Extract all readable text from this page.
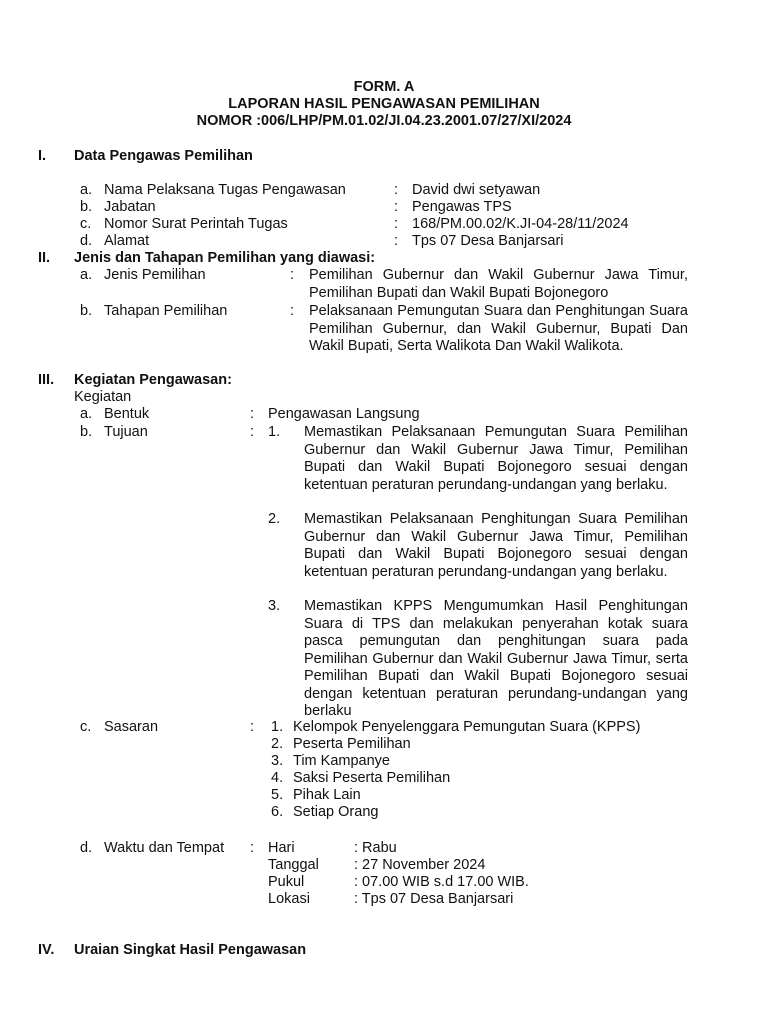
FORM. A
LAPORAN HASIL PENGAWASAN PEMILIHAN
NOMOR :006/LHP/PM.01.02/JI.04.23.2001.07/27/XI/2024
I. Data Pengawas Pemilihan
a. Nama Pelaksana Tugas Pengawasan	: David dwi setyawan
b. Jabatan	: Pengawas TPS
c. Nomor Surat Perintah Tugas	: 168/PM.00.02/K.JI-04-28/11/2024
d. Alamat	: Tps 07 Desa Banjarsari
II. Jenis dan Tahapan Pemilihan yang diawasi:
a. Jenis Pemilihan	: Pemilihan Gubernur dan Wakil Gubernur Jawa Timur, Pemilihan Bupati dan Wakil Bupati Bojonegoro
b. Tahapan Pemilihan	: Pelaksanaan Pemungutan Suara dan Penghitungan Suara Pemilihan Gubernur, dan Wakil Gubernur, Bupati Dan Wakil Bupati, Serta Walikota Dan Wakil Walikota.
III. Kegiatan Pengawasan:
Kegiatan
a. Bentuk	: Pengawasan Langsung
b. Tujuan	: 1. Memastikan Pelaksanaan Pemungutan Suara Pemilihan Gubernur dan Wakil Gubernur Jawa Timur, Pemilihan Bupati dan Wakil Bupati Bojonegoro sesuai dengan ketentuan peraturan perundang-undangan yang berlaku.
2. Memastikan Pelaksanaan Penghitungan Suara Pemilihan Gubernur dan Wakil Gubernur Jawa Timur, Pemilihan Bupati dan Wakil Bupati Bojonegoro sesuai dengan ketentuan peraturan perundang-undangan yang berlaku.
3. Memastikan KPPS Mengumumkan Hasil Penghitungan Suara di TPS dan melakukan penyerahan kotak suara pasca pemungutan dan penghitungan suara pada Pemilihan Gubernur dan Wakil Gubernur Jawa Timur, serta Pemilihan Bupati dan Wakil Bupati Bojonegoro sesuai dengan ketentuan peraturan perundang-undangan yang berlaku
c. Sasaran	: 1. Kelompok Penyelenggara Pemungutan Suara (KPPS)
2. Peserta Pemilihan
3. Tim Kampanye
4. Saksi Peserta Pemilihan
5. Pihak Lain
6. Setiap Orang
d. Waktu dan Tempat : Hari	: Rabu
Tanggal : 27 November 2024
Pukul	: 07.00 WIB s.d 17.00 WIB.
Lokasi	: Tps 07 Desa Banjarsari
IV. Uraian Singkat Hasil Pengawasan
